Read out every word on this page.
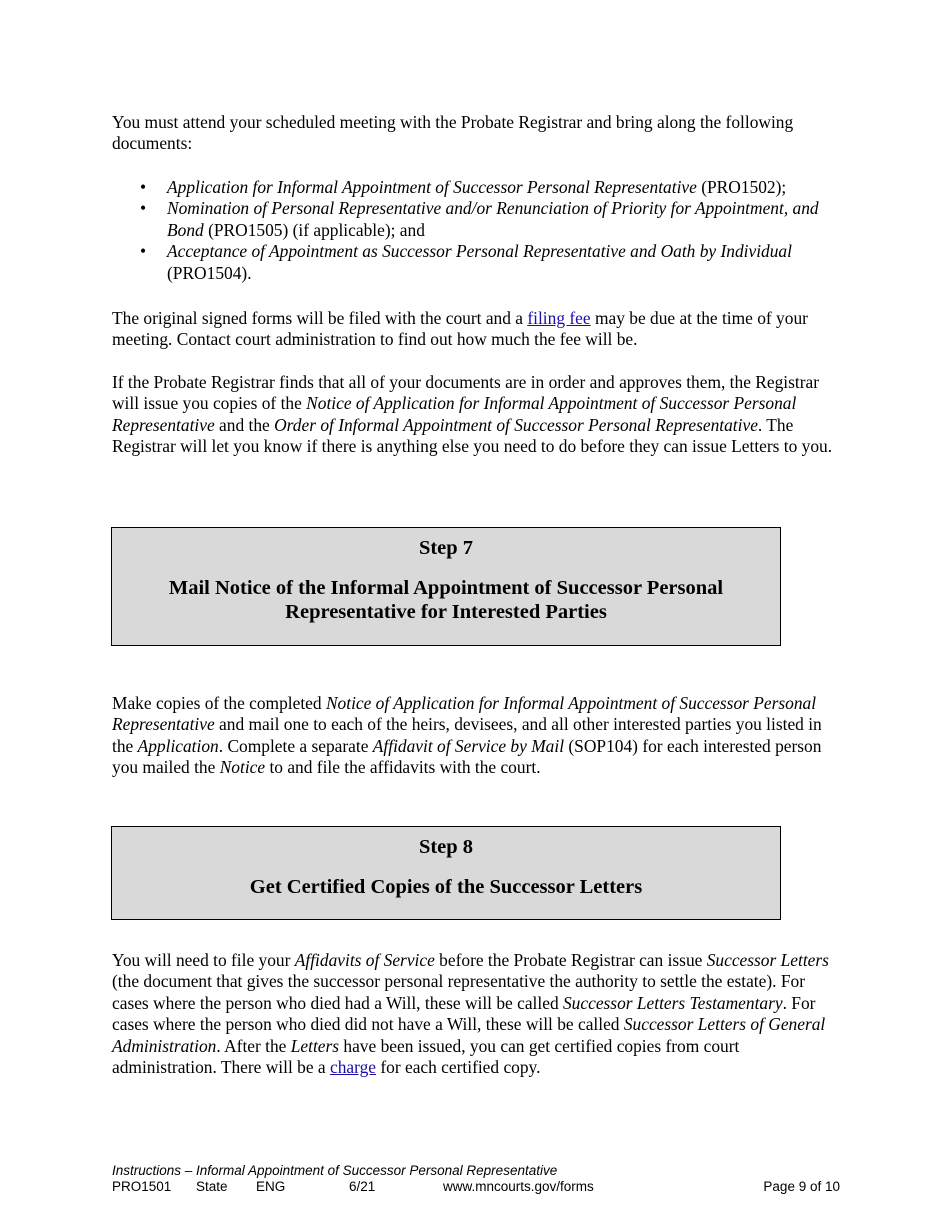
You must attend your scheduled meeting with the Probate Registrar and bring along the following documents:

• Application for Informal Appointment of Successor Personal Representative (PRO1502);
• Nomination of Personal Representative and/or Renunciation of Priority for Appointment, and Bond (PRO1505) (if applicable); and
• Acceptance of Appointment as Successor Personal Representative and Oath by Individual (PRO1504).

The original signed forms will be filed with the court and a filing fee may be due at the time of your meeting. Contact court administration to find out how much the fee will be.

If the Probate Registrar finds that all of your documents are in order and approves them, the Registrar will issue you copies of the Notice of Application for Informal Appointment of Successor Personal Representative and the Order of Informal Appointment of Successor Personal Representative. The Registrar will let you know if there is anything else you need to do before they can issue Letters to you.

Make copies of the completed Notice of Application for Informal Appointment of Successor Personal Representative and mail one to each of the heirs, devisees, and all other interested parties you listed in the Application. Complete a separate Affidavit of Service by Mail (SOP104) for each interested person you mailed the Notice to and file the affidavits with the court.

You will need to file your Affidavits of Service before the Probate Registrar can issue Successor Letters (the document that gives the successor personal representative the authority to settle the estate). For cases where the person who died had a Will, these will be called Successor Letters Testamentary. For cases where the person who died did not have a Will, these will be called Successor Letters of General Administration. After the Letters have been issued, you can get certified copies from court administration. There will be a charge for each certified copy.

Step 7
Mail Notice of the Informal Appointment of Successor Personal Representative for Interested Parties
Step 8
Get Certified Copies of the Successor Letters
Instructions – Informal Appointment of Successor Personal Representative
PRO1501 State ENG	6/21	www.mncourts.gov/forms	Page 9 of 10
